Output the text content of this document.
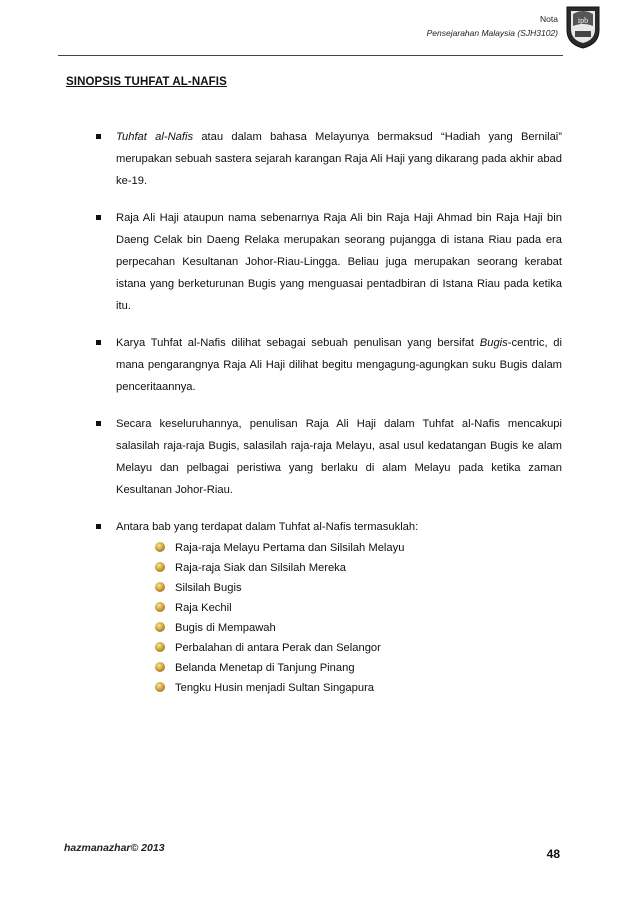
Nota
Pensejarahan Malaysia (SJH3102)
ipb
SINOPSIS TUHFAT AL-NAFIS
Tuhfat al-Nafis atau dalam bahasa Melayunya bermaksud “Hadiah yang Bernilai” merupakan sebuah sastera sejarah karangan Raja Ali Haji yang dikarang pada akhir abad ke-19.
Raja Ali Haji ataupun nama sebenarnya Raja Ali bin Raja Haji Ahmad bin Raja Haji bin Daeng Celak bin Daeng Relaka merupakan seorang pujangga di istana Riau pada era perpecahan Kesultanan Johor-Riau-Lingga. Beliau juga merupakan seorang kerabat istana yang berketurunan Bugis yang menguasai pentadbiran di Istana Riau pada ketika itu.
Karya Tuhfat al-Nafis dilihat sebagai sebuah penulisan yang bersifat Bugis-centric, di mana pengarangnya Raja Ali Haji dilihat begitu mengagung-agungkan suku Bugis dalam penceritaannya.
Secara keseluruhannya, penulisan Raja Ali Haji dalam Tuhfat al-Nafis mencakupi salasilah raja-raja Bugis, salasilah raja-raja Melayu, asal usul kedatangan Bugis ke alam Melayu dan pelbagai peristiwa yang berlaku di alam Melayu pada ketika zaman Kesultanan Johor-Riau.
Antara bab yang terdapat dalam Tuhfat al-Nafis termasuklah:
Raja-raja Melayu Pertama dan Silsilah Melayu
Raja-raja Siak dan Silsilah Mereka
Silsilah Bugis
Raja Kechil
Bugis di Mempawah
Perbalahan di antara Perak dan Selangor
Belanda Menetap di Tanjung Pinang
Tengku Husin menjadi Sultan Singapura
hazmanazhar© 2013	48
